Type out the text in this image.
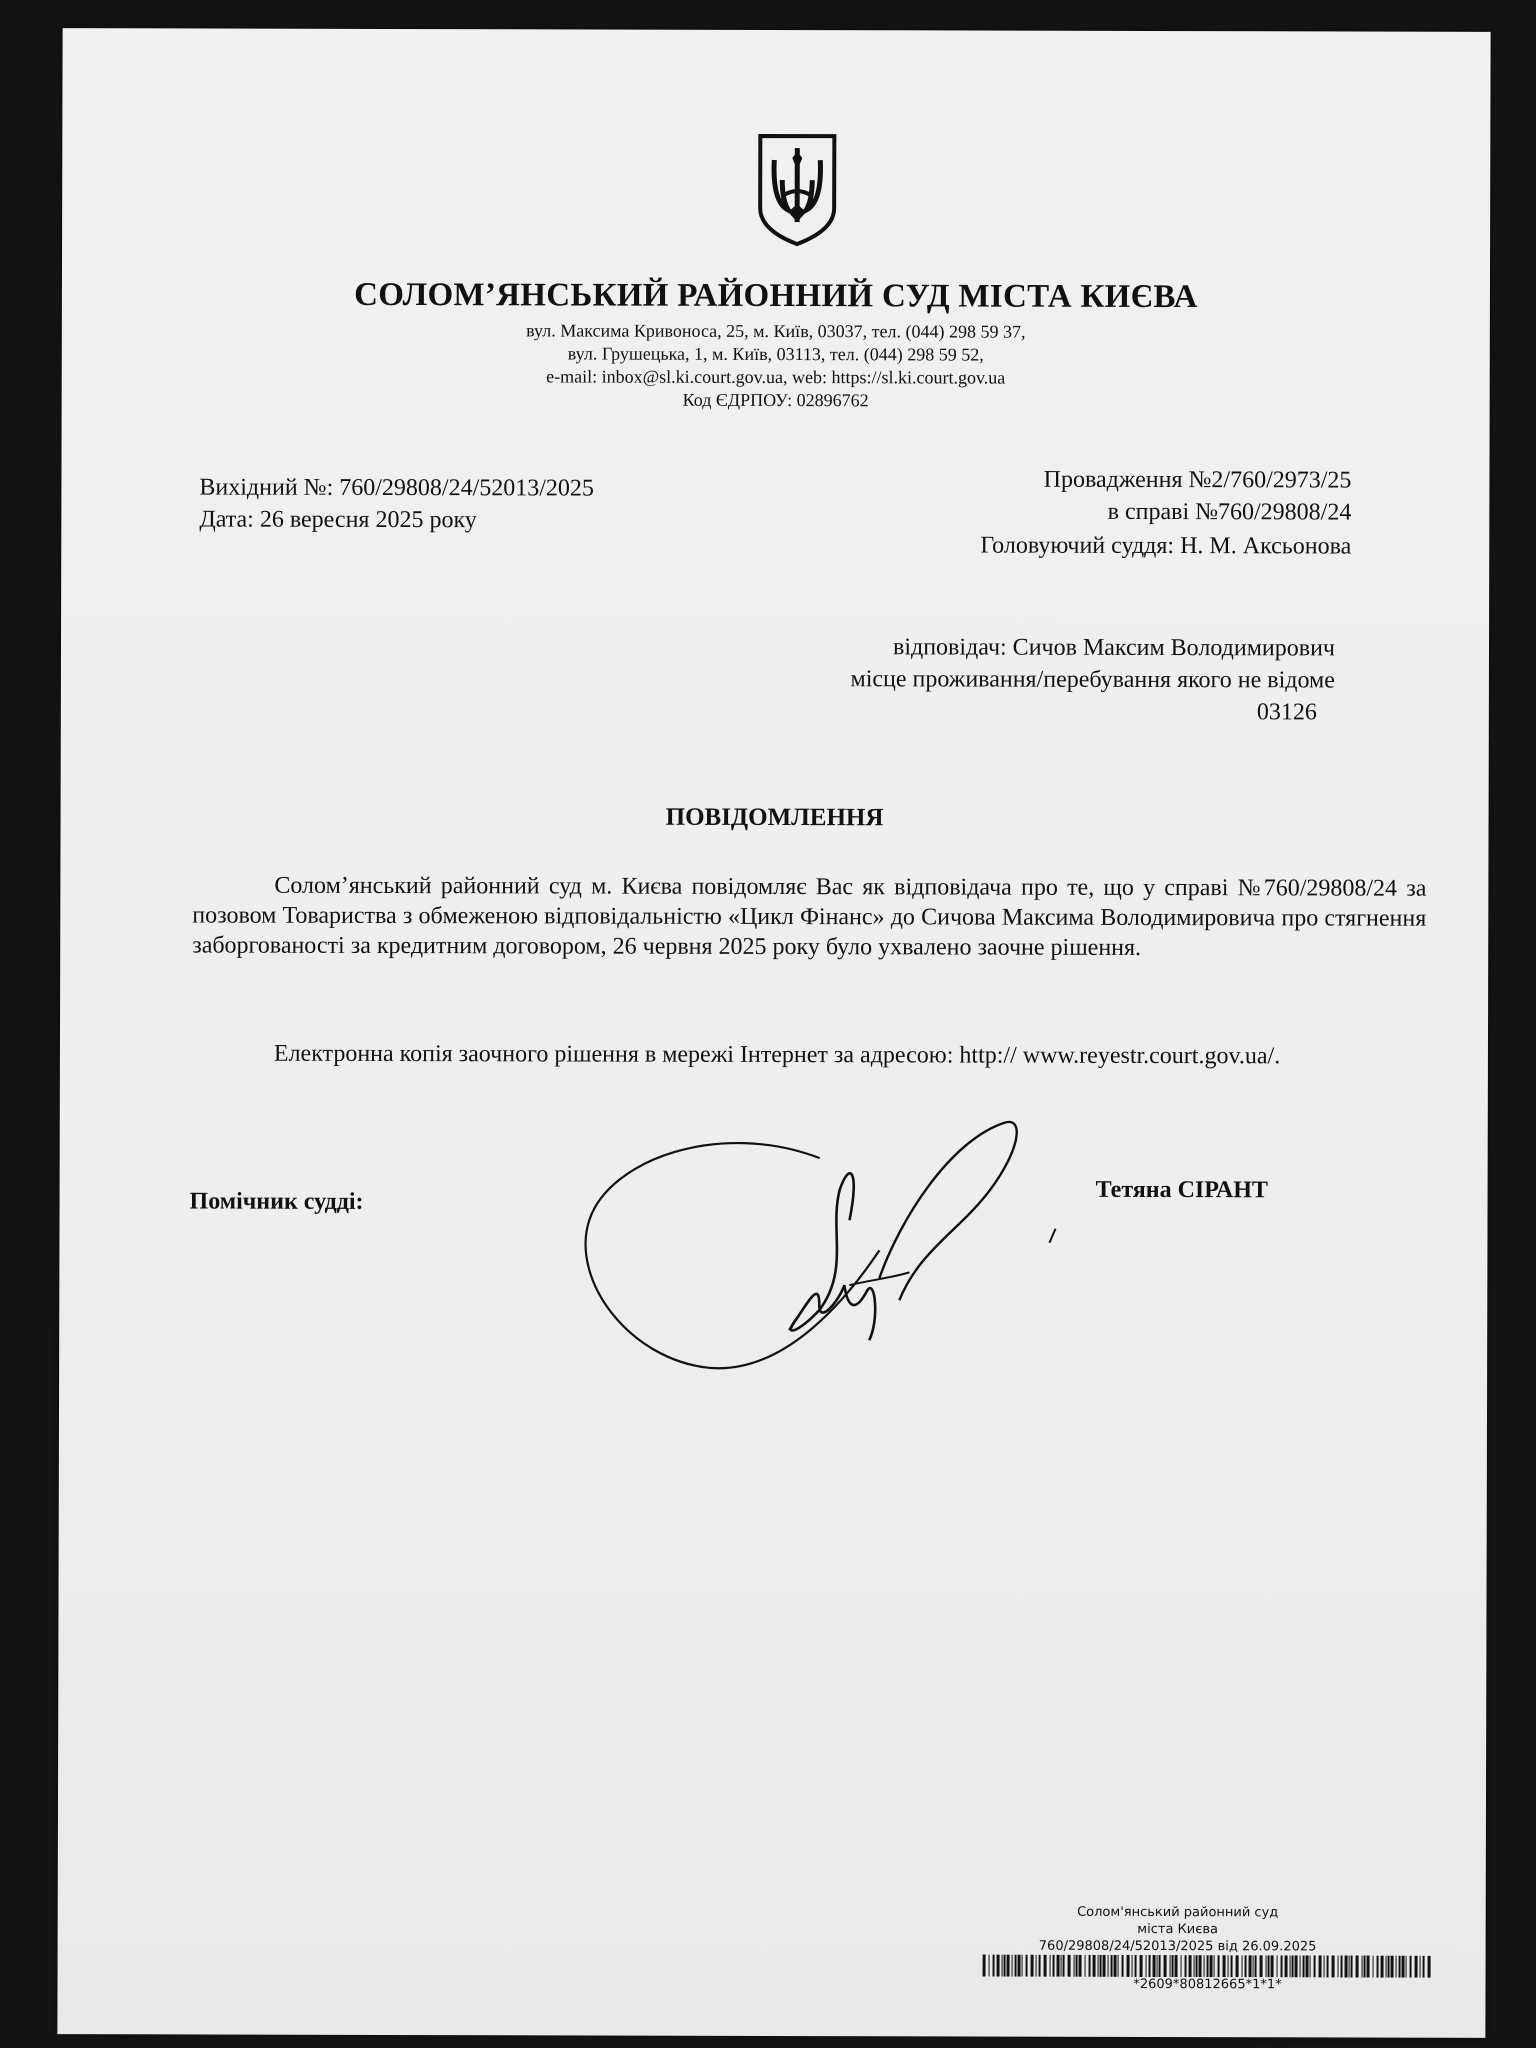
СОЛОМ’ЯНСЬКИЙ РАЙОННИЙ СУД МІСТА КИЄВА
вул. Максима Кривоноса, 25, м. Київ, 03037, тел. (044) 298 59 37,
вул. Грушецька, 1, м. Київ, 03113, тел. (044) 298 59 52,
e-mail: inbox@sl.ki.court.gov.ua, web: https://sl.ki.court.gov.ua
Код ЄДРПОУ: 02896762
Вихідний №: 760/29808/24/52013/2025
Дата: 26 вересня 2025 року
Провадження №2/760/2973/25
в справі №760/29808/24
Головуючий суддя: Н. М. Аксьонова
відповідач: Сичов Максим Володимирович
місце проживання/перебування якого не відоме
03126
ПОВІДОМЛЕННЯ
Солом’янський районний суд м. Києва повідомляє Вас як відповідача про те, що у справі №760/29808/24 за позовом Товариства з обмеженою відповідальністю «Цикл Фінанс» до Сичова Максима Володимировича про стягнення заборгованості за кредитним договором, 26 червня 2025 року було ухвалено заочне рішення.
Електронна копія заочного рішення в мережі Інтернет за адресою: http:// www.reyestr.court.gov.ua/.
Помічник судді:	Тетяна СІРАНТ
Солом'янський районний суд
міста Києва
760/29808/24/52013/2025 від 26.09.2025
*2609*80812665*1*1*
